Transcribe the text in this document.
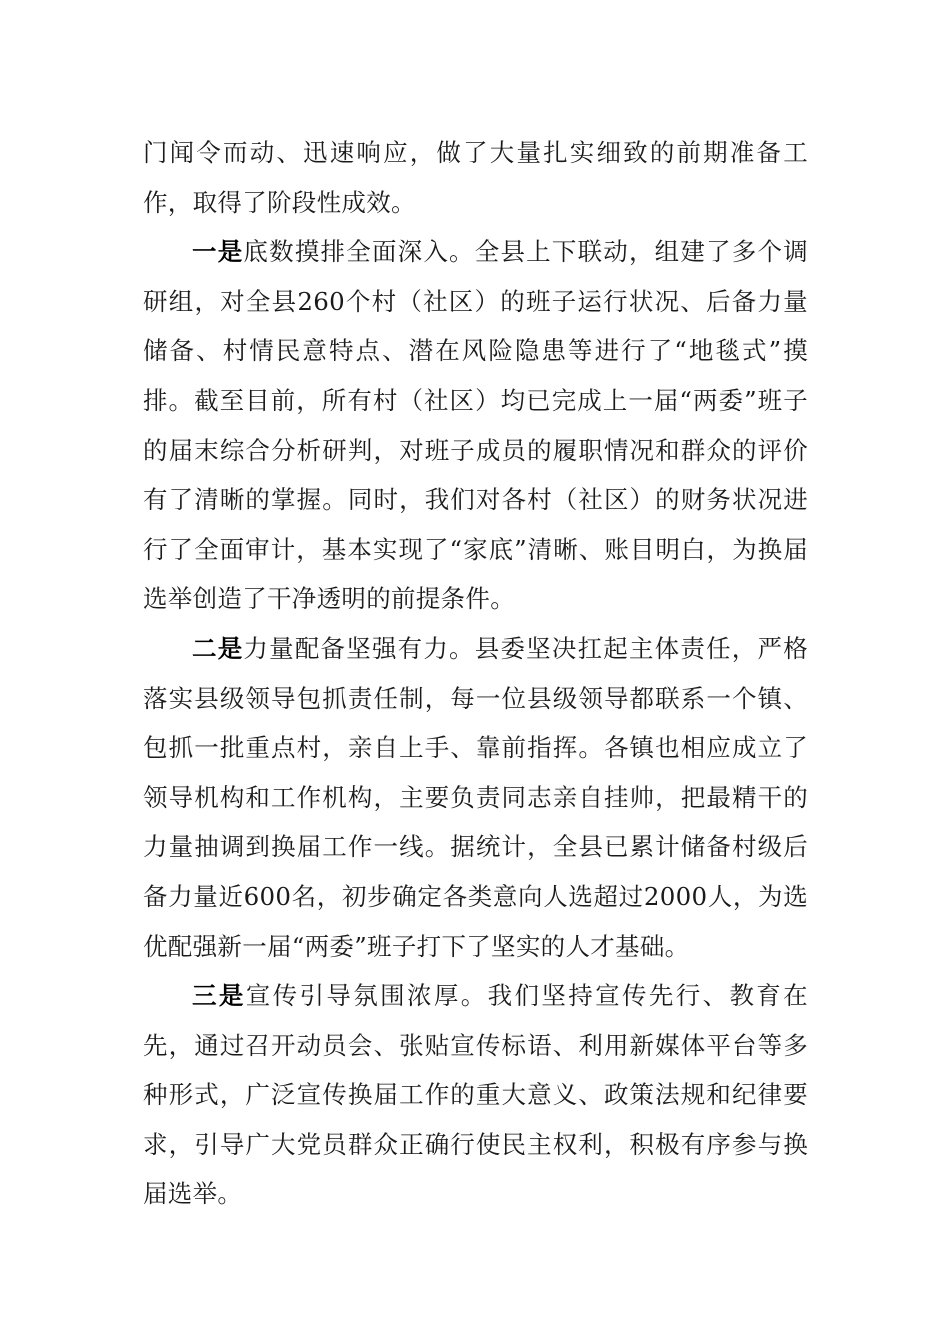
门闻令而动、迅速响应，做了大量扎实细致的前期准备工作，取得了阶段性成效。

一是底数摸排全面深入。全县上下联动，组建了多个调研组，对全县260个村（社区）的班子运行状况、后备力量储备、村情民意特点、潜在风险隐患等进行了“地毯式”摸排。截至目前，所有村（社区）均已完成上一届“两委”班子的届末综合分析研判，对班子成员的履职情况和群众的评价有了清晰的掌握。同时，我们对各村（社区）的财务状况进行了全面审计，基本实现了“家底”清晰、账目明白，为换届选举创造了干净透明的前提条件。

二是力量配备坚强有力。县委坚决扛起主体责任，严格落实县级领导包抓责任制，每一位县级领导都联系一个镇、包抓一批重点村，亲自上手、靠前指挥。各镇也相应成立了领导机构和工作机构，主要负责同志亲自挂帅，把最精干的力量抽调到换届工作一线。据统计，全县已累计储备村级后备力量近600名，初步确定各类意向人选超过2000人，为选优配强新一届“两委”班子打下了坚实的人才基础。

三是宣传引导氛围浓厚。我们坚持宣传先行、教育在先，通过召开动员会、张贴宣传标语、利用新媒体平台等多种形式，广泛宣传换届工作的重大意义、政策法规和纪律要求，引导广大党员群众正确行使民主权利，积极有序参与换届选举。
